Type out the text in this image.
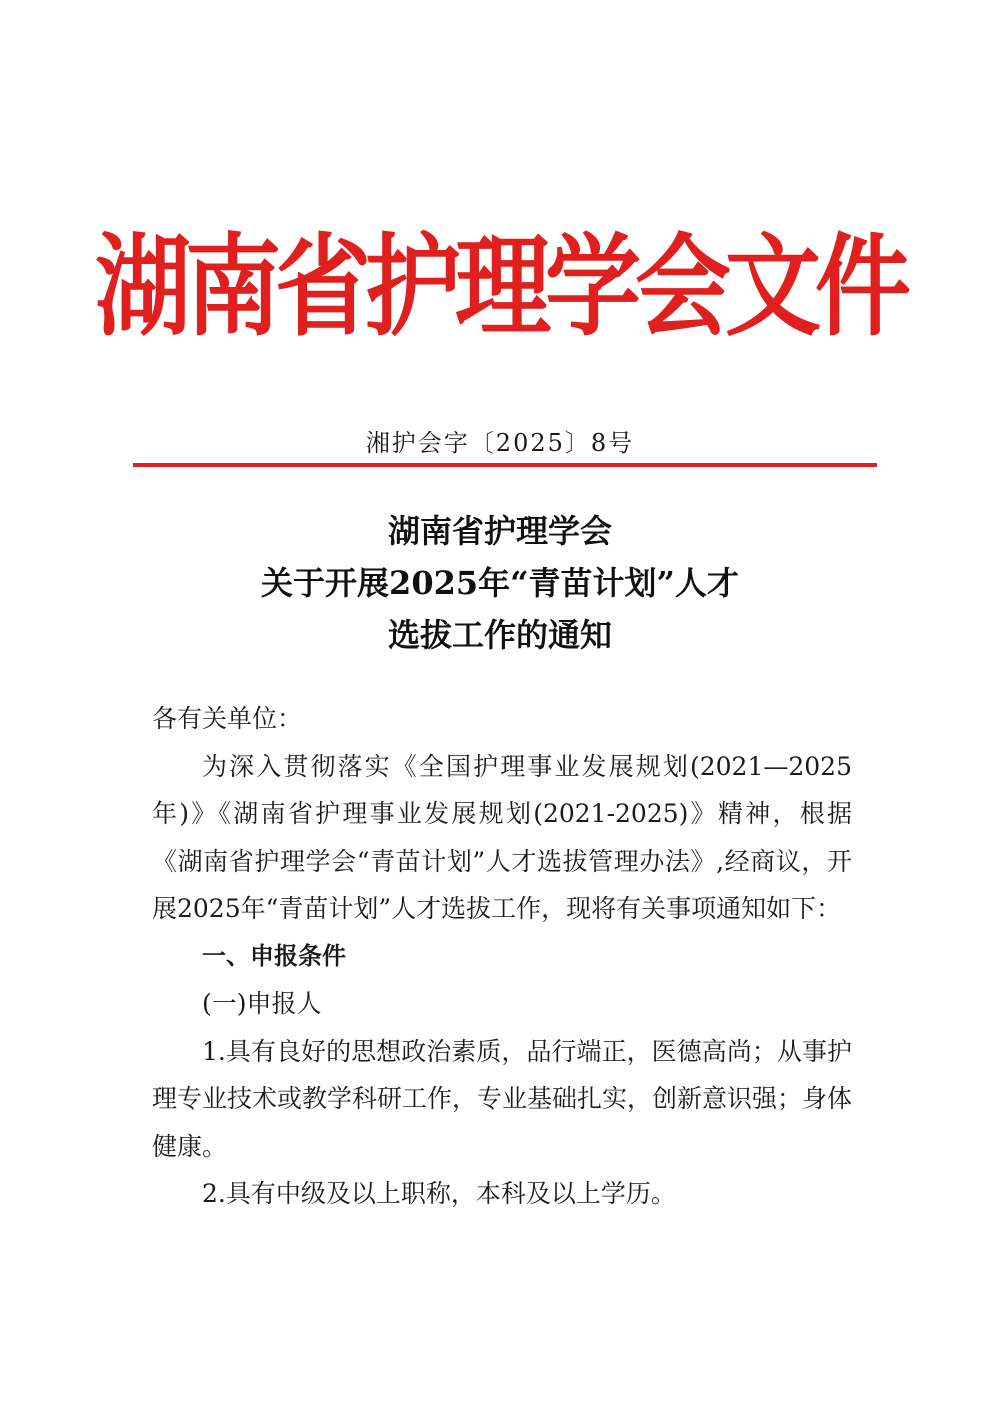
湖南省护理学会文件
湘护会字〔2025〕8号
湖南省护理学会
关于开展2025年“青苗计划”人才
选拔工作的通知

各有关单位：

为深入贯彻落实《全国护理事业发展规划(2021—2025年)》《湖南省护理事业发展规划(2021-2025)》精神，根据《湖南省护理学会“青苗计划”人才选拔管理办法》,经商议，开展2025年“青苗计划”人才选拔工作，现将有关事项通知如下：

一、申报条件

(一)申报人

1.具有良好的思想政治素质，品行端正，医德高尚；从事护理专业技术或教学科研工作，专业基础扎实，创新意识强；身体健康。

2.具有中级及以上职称，本科及以上学历。
